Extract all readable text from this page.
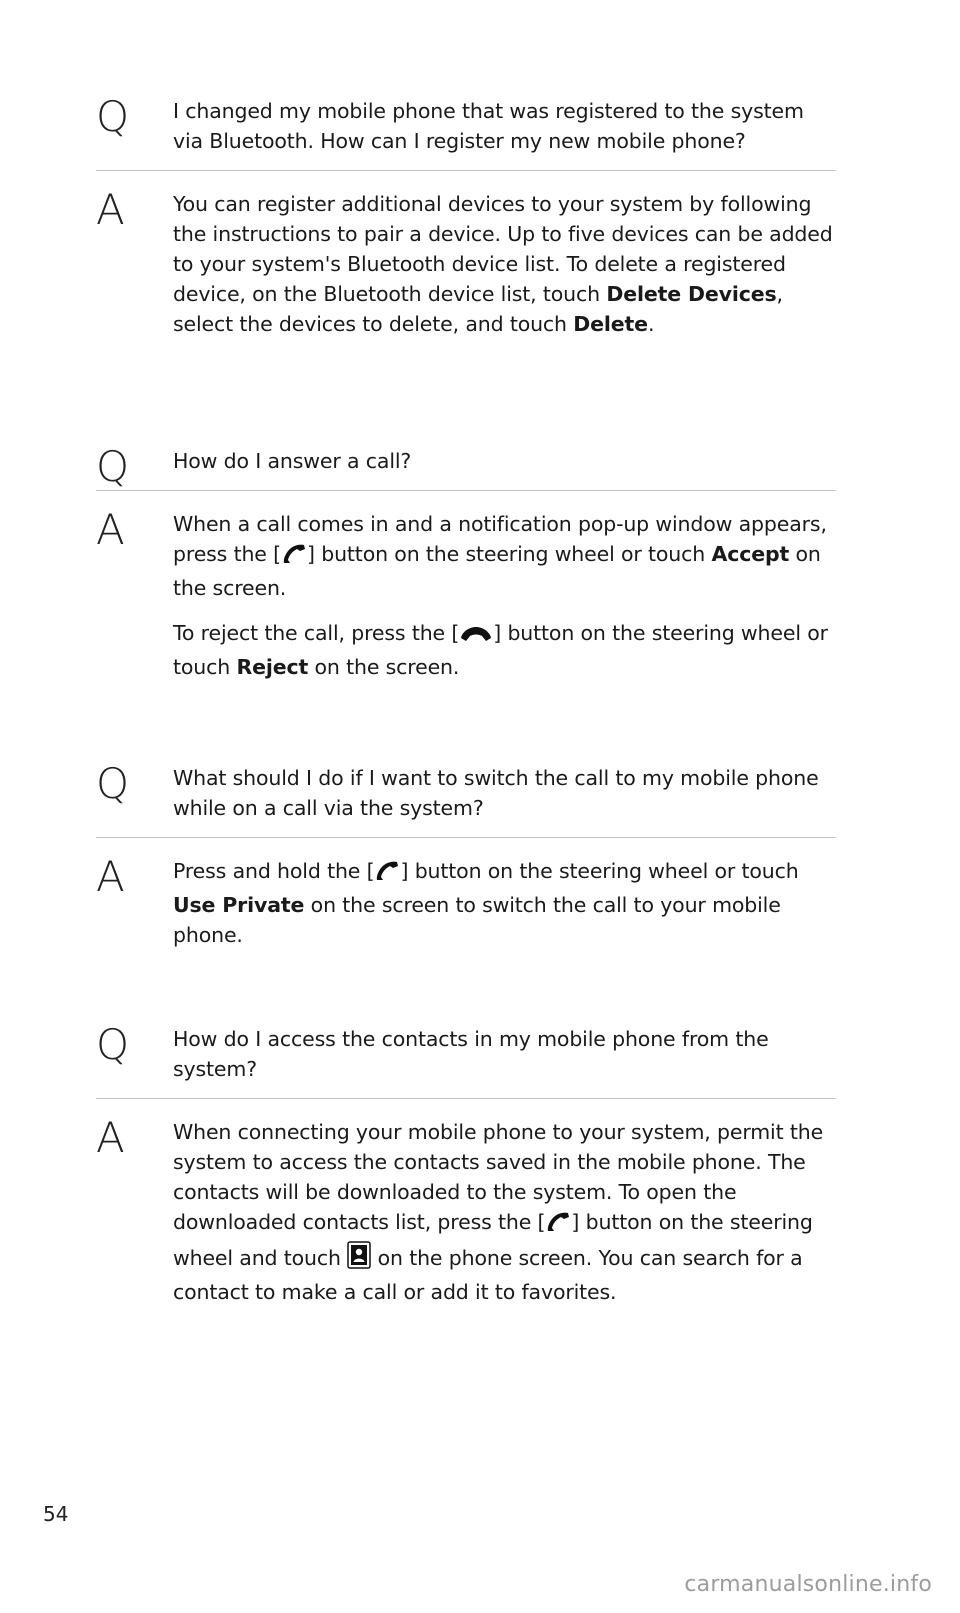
Q I changed my mobile phone that was registered to the system via Bluetooth. How can I register my new mobile phone?

A You can register additional devices to your system by following the instructions to pair a device. Up to five devices can be added to your system's Bluetooth device list. To delete a registered device, on the Bluetooth device list, touch Delete Devices, select the devices to delete, and touch Delete.

Q How do I answer a call?

A When a call comes in and a notification pop-up window appears, press the [ ] button on the steering wheel or touch Accept on the screen.

To reject the call, press the [ ] button on the steering wheel or touch Reject on the screen.

Q What should I do if I want to switch the call to my mobile phone while on a call via the system?

A Press and hold the [ ] button on the steering wheel or touch Use Private on the screen to switch the call to your mobile phone.

Q How do I access the contacts in my mobile phone from the system?

A When connecting your mobile phone to your system, permit the system to access the contacts saved in the mobile phone. The contacts will be downloaded to the system. To open the downloaded contacts list, press the [ ] button on the steering wheel and touch  on the phone screen. You can search for a contact to make a call or add it to favorites.

54
carmanualsonline.info
